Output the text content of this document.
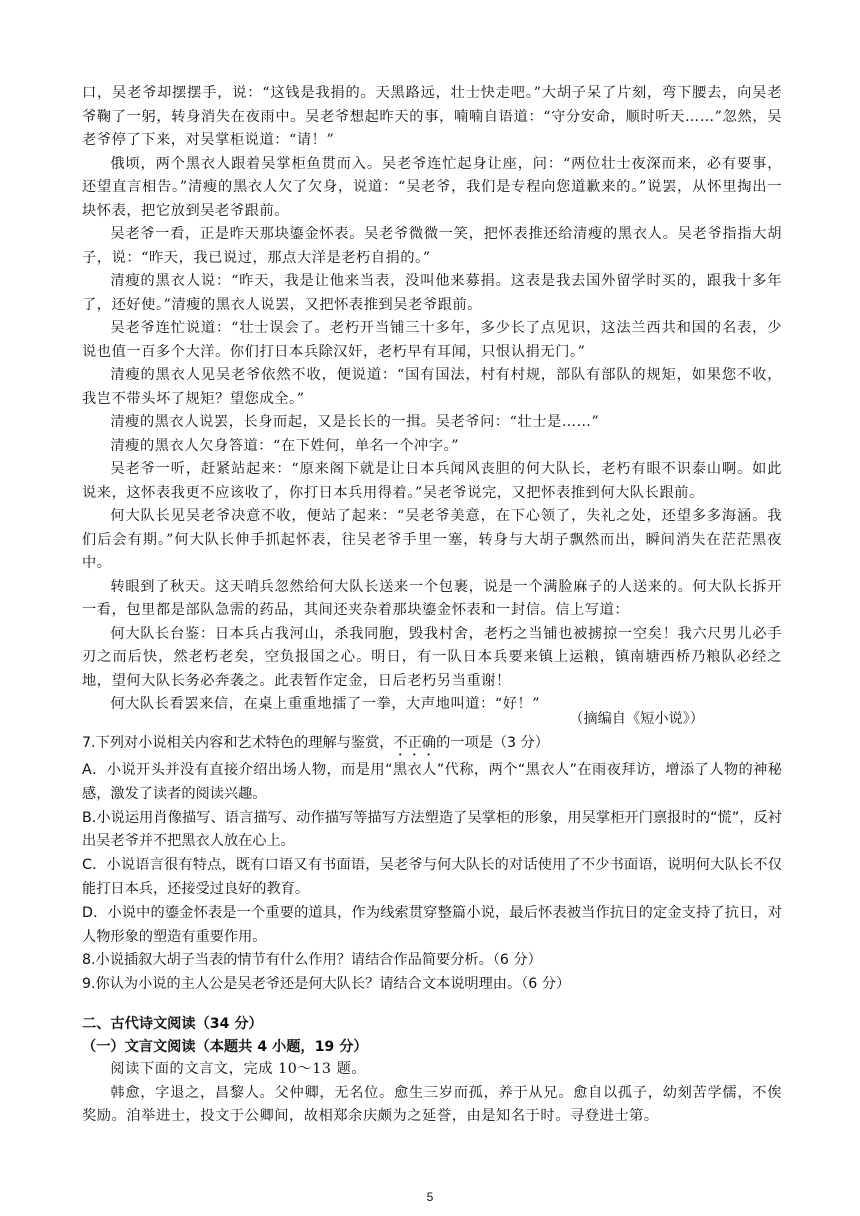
口，吴老爷却摆摆手，说：“这钱是我捐的。天黑路远，壮士快走吧。”大胡子呆了片刻，弯下腰去，向吴老爷鞠了一躬，转身消失在夜雨中。吴老爷想起昨天的事，喃喃自语道：“守分安命，顺时听天……”忽然，吴老爷停了下来，对吴掌柜说道：“请！”

俄顷，两个黑衣人跟着吴掌柜鱼贯而入。吴老爷连忙起身让座，问：“两位壮士夜深而来，必有要事，还望直言相告。”清瘦的黑衣人欠了欠身，说道：“吴老爷，我们是专程向您道歉来的。”说罢，从怀里掏出一块怀表，把它放到吴老爷跟前。

吴老爷一看，正是昨天那块鎏金怀表。吴老爷微微一笑，把怀表推还给清瘦的黑衣人。吴老爷指指大胡子，说：“昨天，我已说过，那点大洋是老朽自捐的。”

清瘦的黑衣人说：“昨天，我是让他来当表，没叫他来募捐。这表是我去国外留学时买的，跟我十多年了，还好使。”清瘦的黑衣人说罢，又把怀表推到吴老爷跟前。

吴老爷连忙说道：“壮士误会了。老朽开当铺三十多年，多少长了点见识，这法兰西共和国的名表，少说也值一百多个大洋。你们打日本兵除汉奸，老朽早有耳闻，只恨认捐无门。”

清瘦的黑衣人见吴老爷依然不收，便说道：“国有国法，村有村规，部队有部队的规矩，如果您不收，我岂不带头坏了规矩？望您成全。”

清瘦的黑衣人说罢，长身而起，又是长长的一揖。吴老爷问：“壮士是……”

清瘦的黑衣人欠身答道：“在下姓何，单名一个冲字。”

吴老爷一听，赶紧站起来：“原来阁下就是让日本兵闻风丧胆的何大队长，老朽有眼不识泰山啊。如此说来，这怀表我更不应该收了，你打日本兵用得着。”吴老爷说完，又把怀表推到何大队长跟前。

何大队长见吴老爷决意不收，便站了起来：“吴老爷美意，在下心领了，失礼之处，还望多多海涵。我们后会有期。”何大队长伸手抓起怀表，往吴老爷手里一塞，转身与大胡子飘然而出，瞬间消失在茫茫黑夜中。

转眼到了秋天。这天哨兵忽然给何大队长送来一个包裹，说是一个满脸麻子的人送来的。何大队长拆开一看，包里都是部队急需的药品，其间还夹杂着那块鎏金怀表和一封信。信上写道：

何大队长台鉴：日本兵占我河山，杀我同胞，毁我村舍，老朽之当铺也被掳掠一空矣！我六尺男儿必手刃之而后快，然老朽老矣，空负报国之心。明日，有一队日本兵要来镇上运粮，镇南塘西桥乃粮队必经之地，望何大队长务必奔袭之。此表暂作定金，日后老朽另当重谢！

何大队长看罢来信，在桌上重重地擂了一拳，大声地叫道：“好！”

（摘编自《短小说》）

7.下列对小说相关内容和艺术特色的理解与鉴赏，不正确的一项是（3 分）

A．小说开头并没有直接介绍出场人物，而是用“黑衣人”代称，两个“黑衣人”在雨夜拜访，增添了人物的神秘感，激发了读者的阅读兴趣。

B.小说运用肖像描写、语言描写、动作描写等描写方法塑造了吴掌柜的形象，用吴掌柜开门禀报时的“慌”，反衬出吴老爷并不把黑衣人放在心上。

C．小说语言很有特点，既有口语又有书面语，吴老爷与何大队长的对话使用了不少书面语，说明何大队长不仅能打日本兵，还接受过良好的教育。

D．小说中的鎏金怀表是一个重要的道具，作为线索贯穿整篇小说，最后怀表被当作抗日的定金支持了抗日，对人物形象的塑造有重要作用。

8.小说插叙大胡子当表的情节有什么作用？请结合作品简要分析。（6 分）

9.你认为小说的主人公是吴老爷还是何大队长？请结合文本说明理由。（6 分）

二、古代诗文阅读（34 分）
（一）文言文阅读（本题共 4 小题，19 分）

阅读下面的文言文，完成 10～13 题。

韩愈，字退之，昌黎人。父仲卿，无名位。愈生三岁而孤，养于从兄。愈自以孤子，幼刻苦学儒，不俟奖励。洎举进士，投文于公卿间，故相郑余庆颇为之延誉，由是知名于时。寻登进士第。

5
